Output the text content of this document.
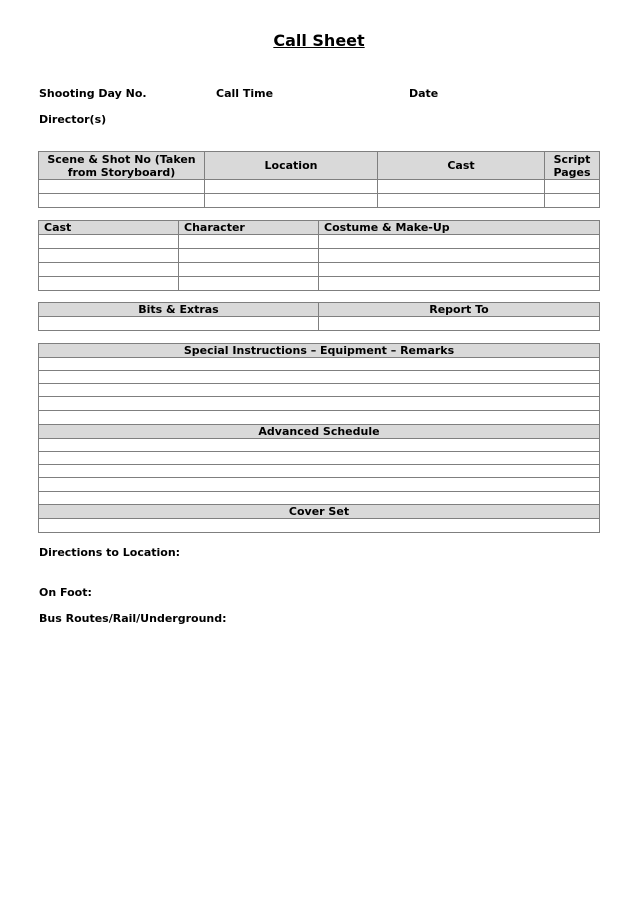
Call Sheet

Shooting Day No.	Call Time	Date

Director(s)

Scene & Shot No (Taken from Storyboard)	Location	Cast	Script Pages

Cast	Character	Costume & Make-Up

Bits & Extras	Report To

Special Instructions – Equipment – Remarks

Advanced Schedule

Cover Set

Directions to Location:

On Foot:

Bus Routes/Rail/Underground:
